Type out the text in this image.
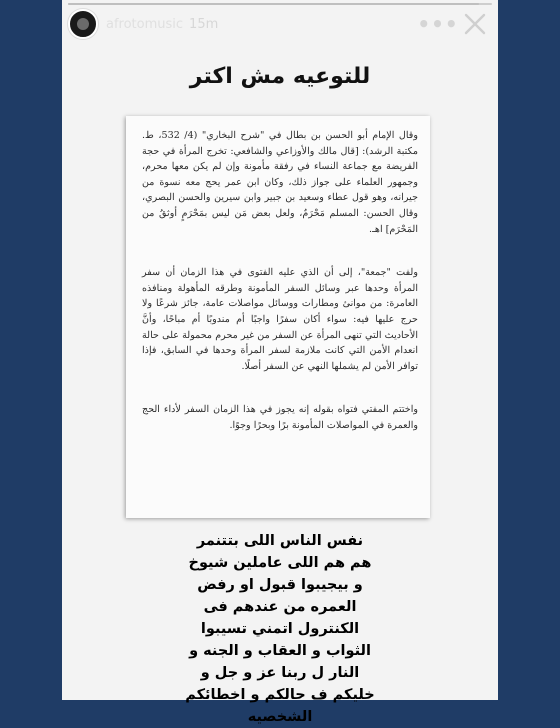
afrotomusic 15m	•••
للتوعيه مش اكتر

وقال الإمام أبو الحسن بن بطال في "شرح البخاري" (4/ 532، ط. مكتبة الرشد): [قال مالك والأوزاعي والشافعي: تخرج المرأة في حجة الفريضة مع جماعة النساء في رفقة مأمونة وإن لم يكن معها محرم، وجمهور العلماء على جواز ذلك، وكان ابن عمر يحج معه نسوة من جيرانه، وهو قول عطاء وسعيد بن جبير وابن سيرين والحسن البصري، وقال الحسن: المسلم مَحْرَمٌ، ولعل بعض مَن ليس بمَحْرَمٍ أوثقُ من المَحْرَم] اهـ.

ولفت "جمعة"، إلى أن الذي عليه الفتوى في هذا الزمان أن سفر المرأة وحدها عبر وسائل السفر المأمونة وطرقه المأهولة ومنافذه العامرة: من موانئ ومطارات ووسائل مواصلات عامة، جائز شرعًا ولا حرج عليها فيه: سواء أكان سفرًا واجبًا أم مندوبًا أم مباحًا، وأنَّ الأحاديث التي تنهى المرأة عن السفر من غير محرم محمولة على حالة انعدام الأمن التي كانت ملازمة لسفر المرأة وحدها في السابق، فإذا توافر الأمن لم يشملها النهي عن السفر أصلًا.

واختتم المفتي فتواه بقوله إنه يجوز في هذا الزمان السفر لأداء الحج والعمرة في المواصلات المأمونة برًا وبحرًا وجوًا.

نفس الناس اللى بتتنمر
هم هم اللى عاملين شيوخ
و بيجيبوا قبول او رفض
العمره من عندهم فى
الكنترول اتمني تسيبوا
الثواب و العقاب و الجنه و
النار ل ربنا عز و جل و
خليكم ف حالكم و اخطائكم
الشخصيه
